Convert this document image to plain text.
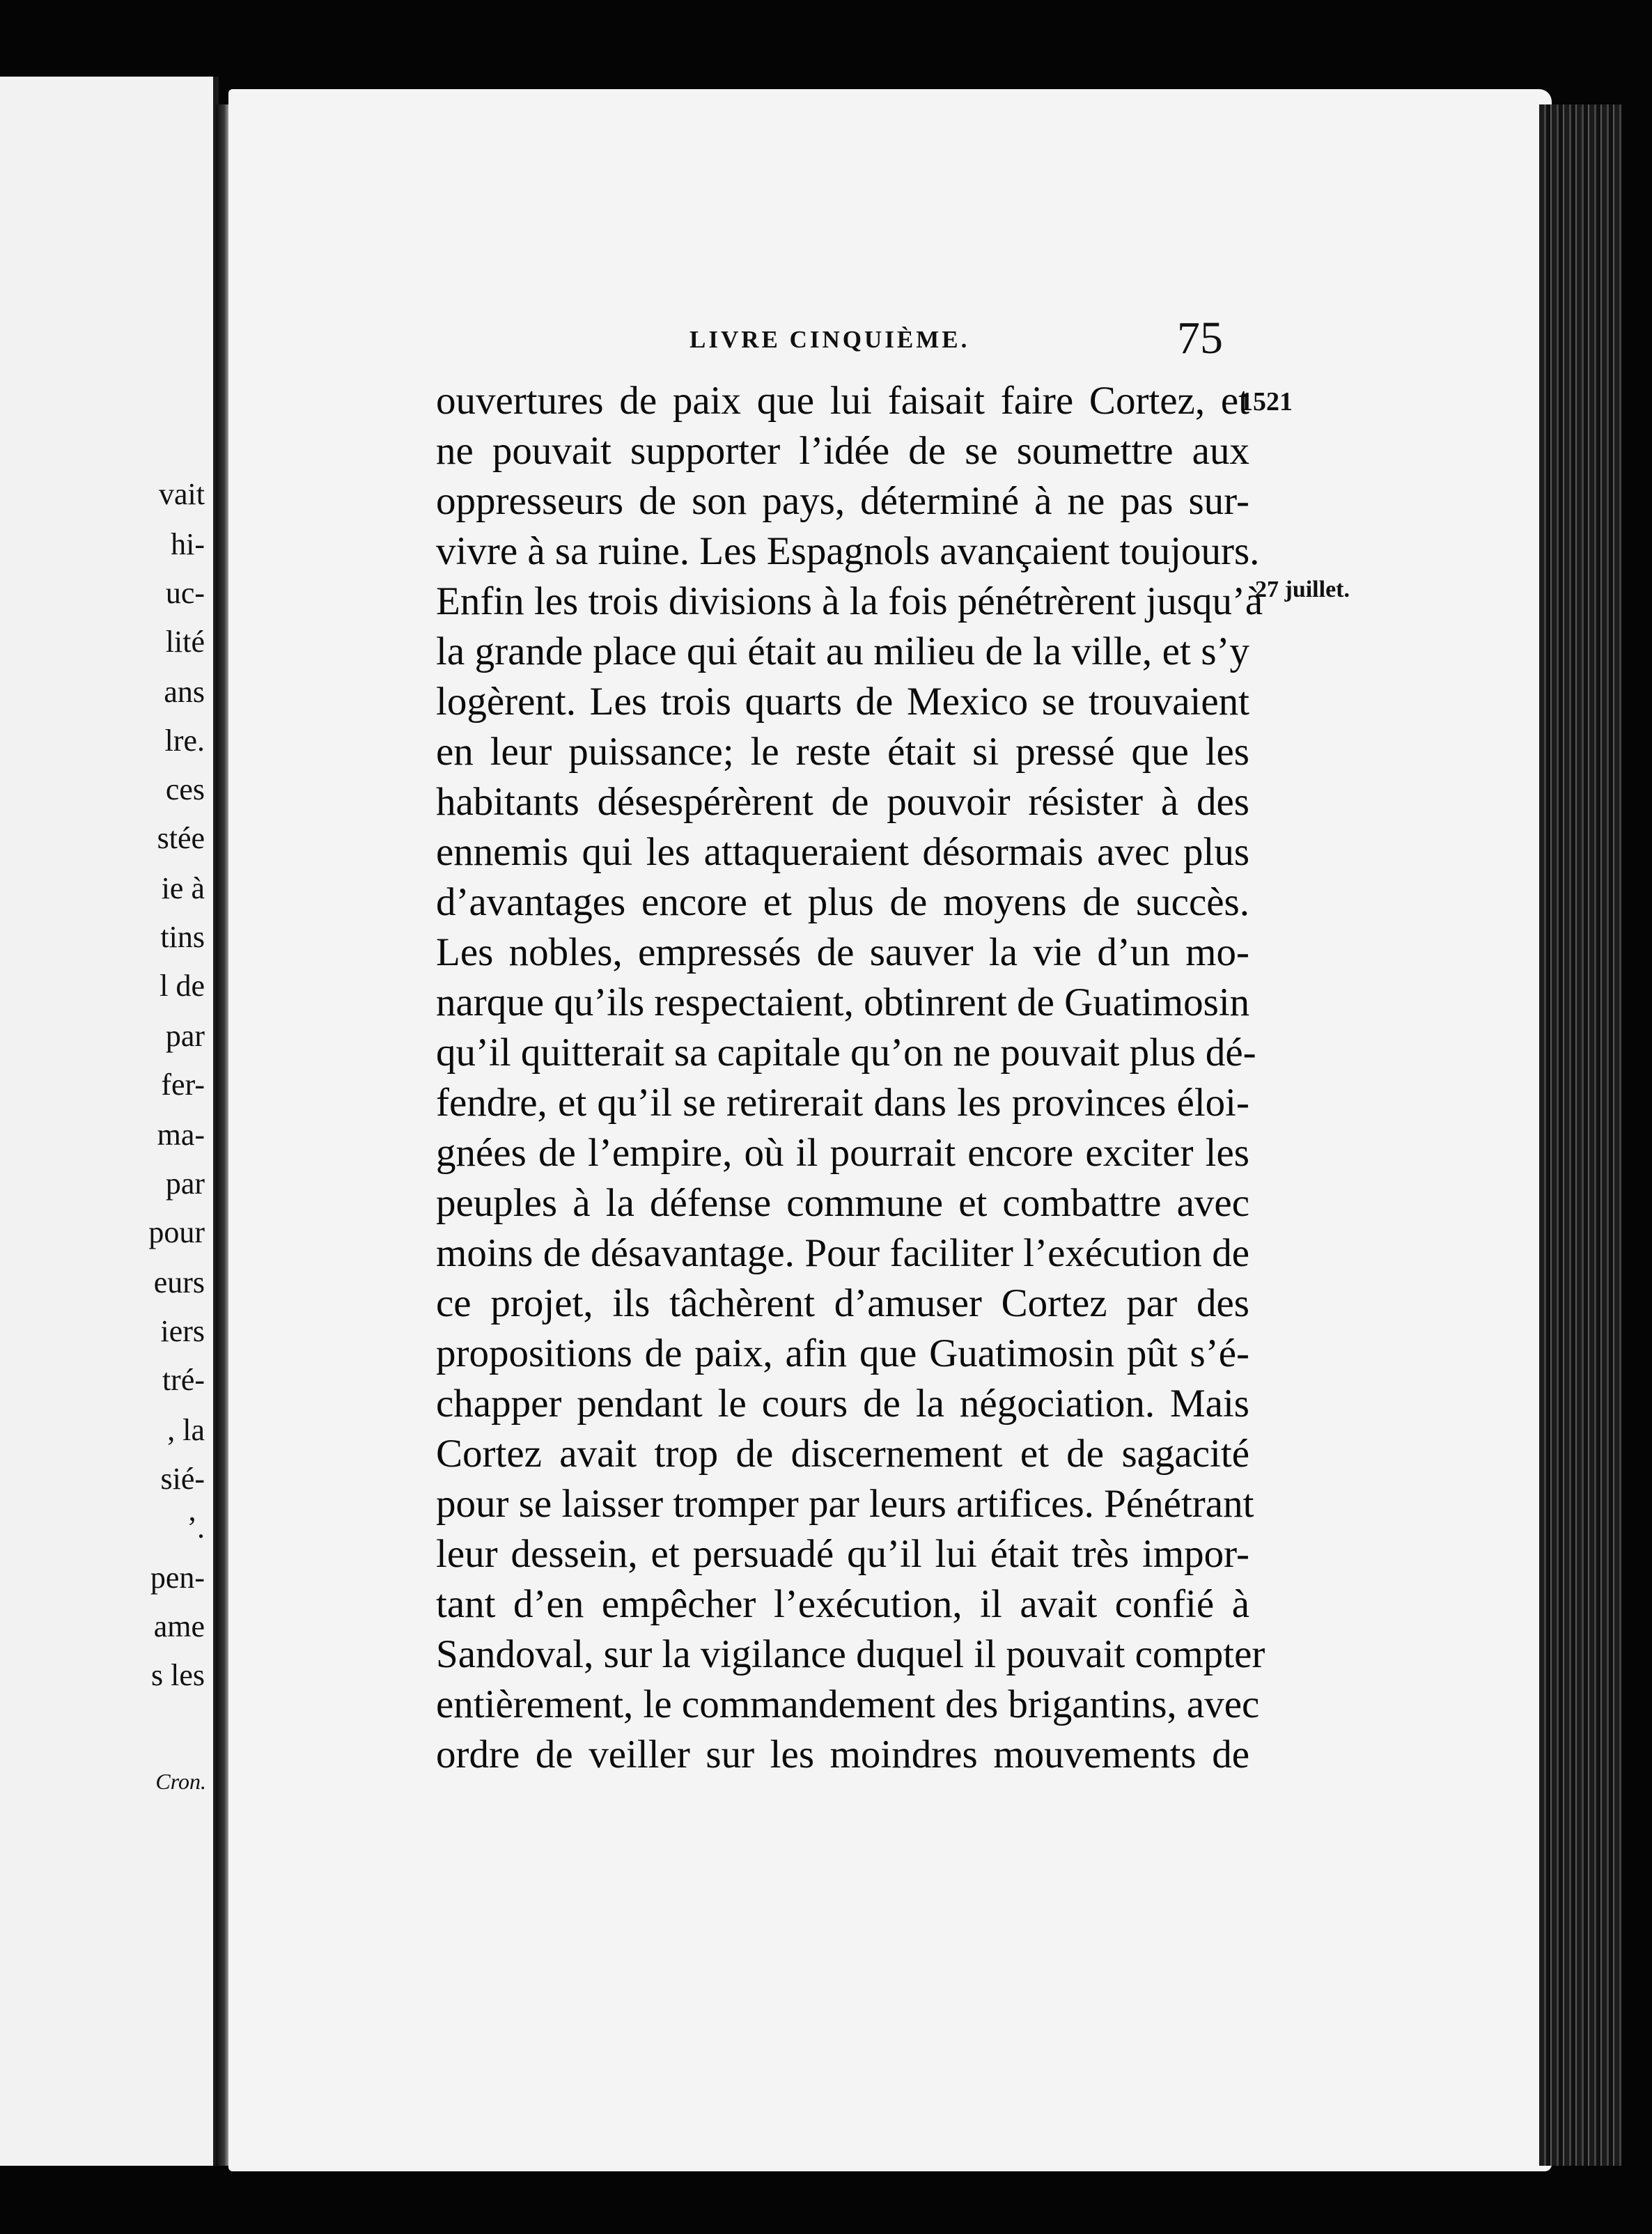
vait
hi-
uc-
lité
ans
lre.
ces
stée
ie à
tins
l de
par
fer-
ma-
par
pour
eurs
iers
tré-
, la
sié-
’.
pen-
ame
s les
Cron.
LIVRE CINQUIÈME.	75
1521
27 juillet.
ouvertures de paix que lui faisait faire Cortez, et
ne pouvait supporter l’idée de se soumettre aux
oppresseurs de son pays, déterminé à ne pas sur-
vivre à sa ruine. Les Espagnols avançaient toujours.
Enfin les trois divisions à la fois pénétrèrent jusqu’à
la grande place qui était au milieu de la ville, et s’y
logèrent. Les trois quarts de Mexico se trouvaient
en leur puissance; le reste était si pressé que les
habitants désespérèrent de pouvoir résister à des
ennemis qui les attaqueraient désormais avec plus
d’avantages encore et plus de moyens de succès.
Les nobles, empressés de sauver la vie d’un mo-
narque qu’ils respectaient, obtinrent de Guatimosin
qu’il quitterait sa capitale qu’on ne pouvait plus dé-
fendre, et qu’il se retirerait dans les provinces éloi-
gnées de l’empire, où il pourrait encore exciter les
peuples à la défense commune et combattre avec
moins de désavantage. Pour faciliter l’exécution de
ce projet, ils tâchèrent d’amuser Cortez par des
propositions de paix, afin que Guatimosin pût s’é-
chapper pendant le cours de la négociation. Mais
Cortez avait trop de discernement et de sagacité
pour se laisser tromper par leurs artifices. Pénétrant
leur dessein, et persuadé qu’il lui était très impor-
tant d’en empêcher l’exécution, il avait confié à
Sandoval, sur la vigilance duquel il pouvait compter
entièrement, le commandement des brigantins, avec
ordre de veiller sur les moindres mouvements de
